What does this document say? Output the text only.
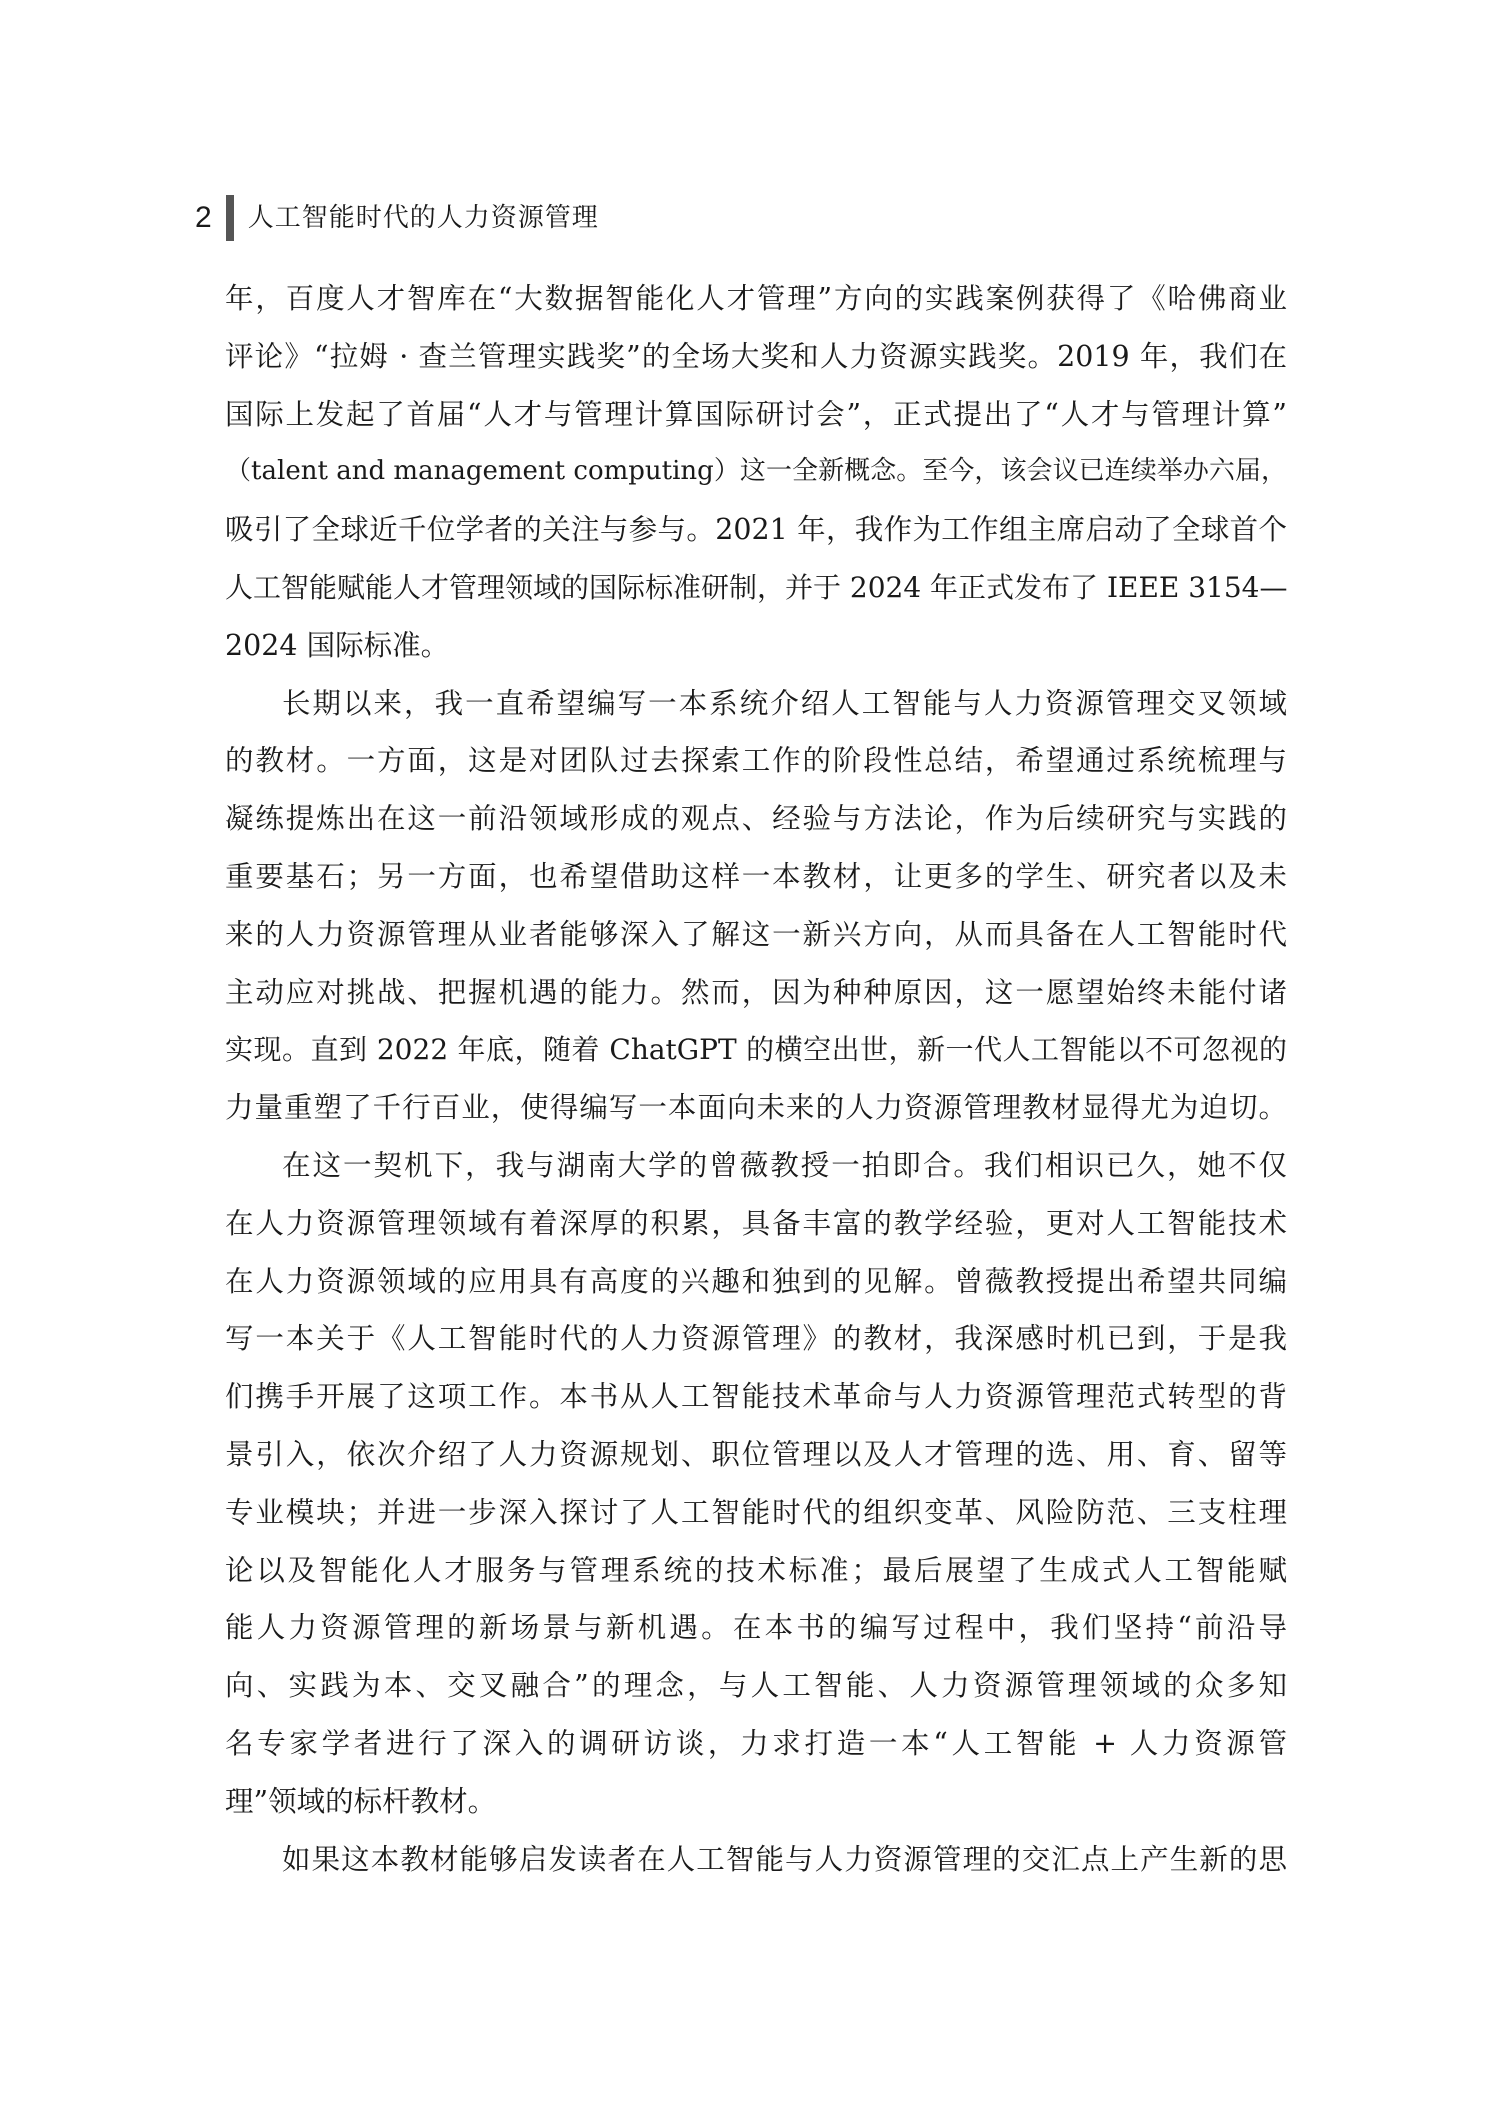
2 人工智能时代的人力资源管理
年，百度人才智库在“大数据智能化人才管理”方向的实践案例获得了《哈佛商业
评论》“拉姆 · 查兰管理实践奖”的全场大奖和人力资源实践奖。2019 年，我们在
国际上发起了首届“人才与管理计算国际研讨会”，正式提出了“人才与管理计算”
（talent and management computing）这一全新概念。至今，该会议已连续举办六届，
吸引了全球近千位学者的关注与参与。2021 年，我作为工作组主席启动了全球首个
人工智能赋能人才管理领域的国际标准研制，并于 2024 年正式发布了 IEEE 3154—
2024 国际标准。
长期以来，我一直希望编写一本系统介绍人工智能与人力资源管理交叉领域
的教材。一方面，这是对团队过去探索工作的阶段性总结，希望通过系统梳理与
凝练提炼出在这一前沿领域形成的观点、经验与方法论，作为后续研究与实践的
重要基石；另一方面，也希望借助这样一本教材，让更多的学生、研究者以及未
来的人力资源管理从业者能够深入了解这一新兴方向，从而具备在人工智能时代
主动应对挑战、把握机遇的能力。然而，因为种种原因，这一愿望始终未能付诸
实现。直到 2022 年底，随着 ChatGPT 的横空出世，新一代人工智能以不可忽视的
力量重塑了千行百业，使得编写一本面向未来的人力资源管理教材显得尤为迫切。
在这一契机下，我与湖南大学的曾薇教授一拍即合。我们相识已久，她不仅
在人力资源管理领域有着深厚的积累，具备丰富的教学经验，更对人工智能技术
在人力资源领域的应用具有高度的兴趣和独到的见解。曾薇教授提出希望共同编
写一本关于《人工智能时代的人力资源管理》的教材，我深感时机已到，于是我
们携手开展了这项工作。本书从人工智能技术革命与人力资源管理范式转型的背
景引入，依次介绍了人力资源规划、职位管理以及人才管理的选、用、育、留等
专业模块；并进一步深入探讨了人工智能时代的组织变革、风险防范、三支柱理
论以及智能化人才服务与管理系统的技术标准；最后展望了生成式人工智能赋
能人力资源管理的新场景与新机遇。在本书的编写过程中，我们坚持“前沿导
向、实践为本、交叉融合”的理念，与人工智能、人力资源管理领域的众多知
名专家学者进行了深入的调研访谈，力求打造一本“人工智能 + 人力资源管
理”领域的标杆教材。
如果这本教材能够启发读者在人工智能与人力资源管理的交汇点上产生新的思
